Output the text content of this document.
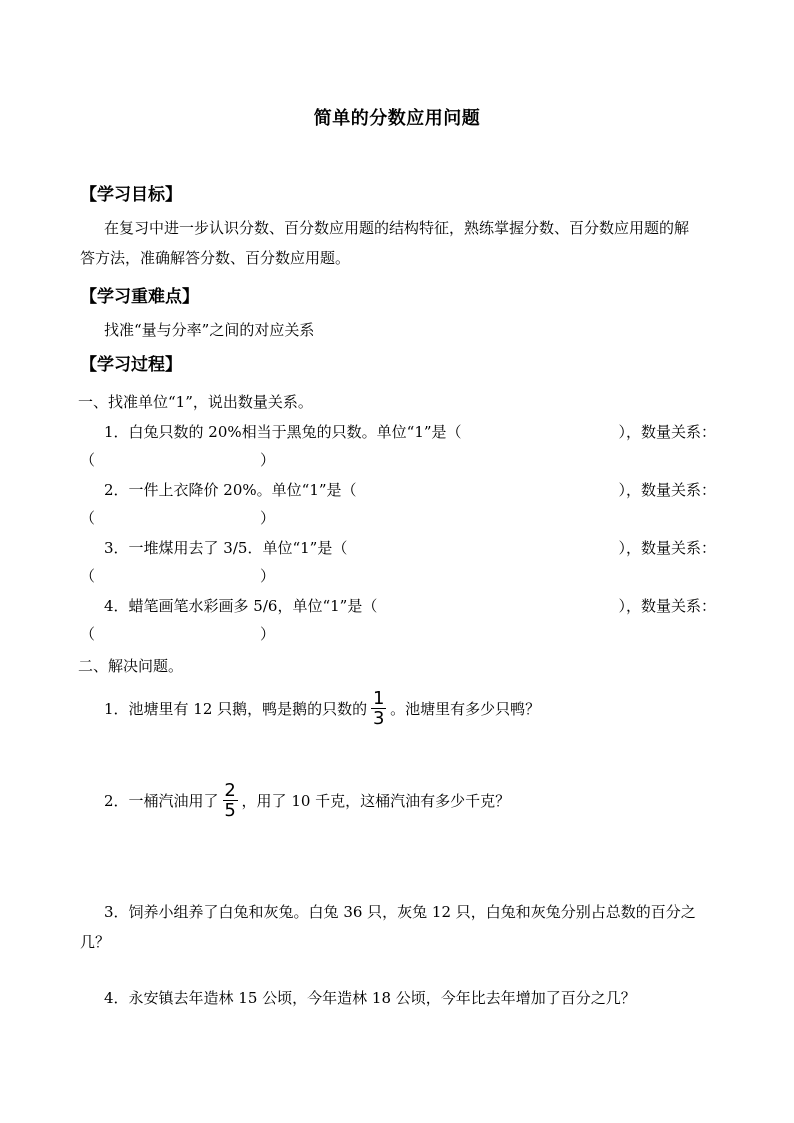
简单的分数应用问题
【学习目标】
在复习中进一步认识分数、百分数应用题的结构特征，熟练掌握分数、百分数应用题的解
答方法，准确解答分数、百分数应用题。
【学习重难点】
找准“量与分率”之间的对应关系
【学习过程】
一、找准单位“1”，说出数量关系。
1．白兔只数的 20%相当于黑兔的只数。单位“1”是（	），数量关系：
（　　　　　　　　　　　）
2．一件上衣降价 20%。单位“1”是（	），数量关系：
（　　　　　　　　　　　）
3．一堆煤用去了 3/5．单位“1”是（	），数量关系：
（　　　　　　　　　　　）
4．蜡笔画笔水彩画多 5/6，单位“1”是（	），数量关系：
（　　　　　　　　　　　）
二、解决问题。
1．池塘里有 12 只鹅，鸭是鹅的只数的 $\frac{1}{3}$ 。池塘里有多少只鸭？
2．一桶汽油用了 $\frac{2}{5}$ ，用了 10 千克，这桶汽油有多少千克？
3．饲养小组养了白兔和灰兔。白兔 36 只，灰兔 12 只，白兔和灰兔分别占总数的百分之
几？
4．永安镇去年造林 15 公顷，今年造林 18 公顷，今年比去年增加了百分之几？
